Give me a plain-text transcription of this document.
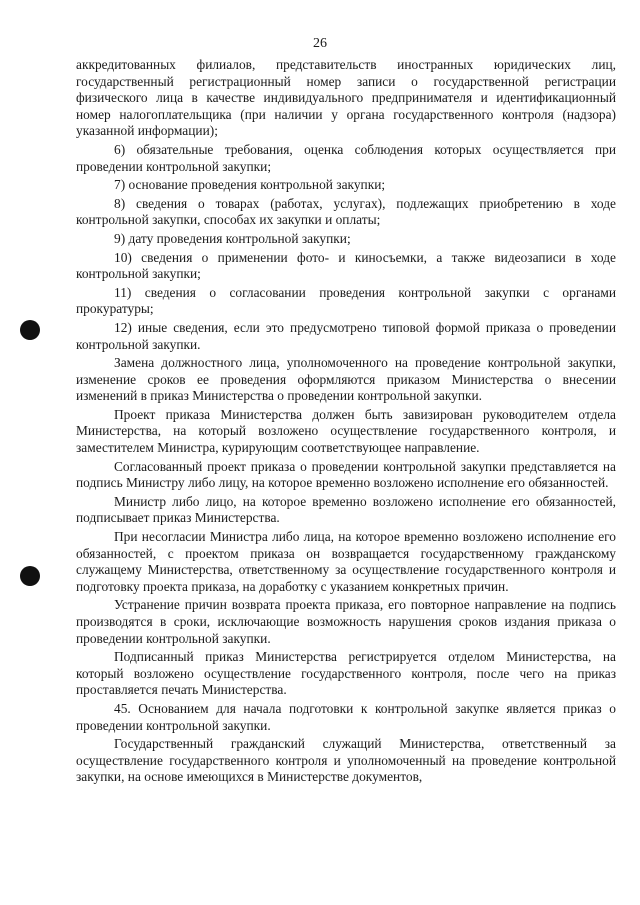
26

аккредитованных филиалов, представительств иностранных юридических лиц, государственный регистрационный номер записи о государственной регистрации физического лица в качестве индивидуального предпринимателя и идентификационный номер налогоплательщика (при наличии у органа государственного контроля (надзора) указанной информации);

6) обязательные требования, оценка соблюдения которых осуществляется при проведении контрольной закупки;

7) основание проведения контрольной закупки;

8) сведения о товарах (работах, услугах), подлежащих приобретению в ходе контрольной закупки, способах их закупки и оплаты;

9) дату проведения контрольной закупки;

10) сведения о применении фото- и киносъемки, а также видеозаписи в ходе контрольной закупки;

11) сведения о согласовании проведения контрольной закупки с органами прокуратуры;

12) иные сведения, если это предусмотрено типовой формой приказа о проведении контрольной закупки.

Замена должностного лица, уполномоченного на проведение контрольной закупки, изменение сроков ее проведения оформляются приказом Министерства о внесении изменений в приказ Министерства о проведении контрольной закупки.

Проект приказа Министерства должен быть завизирован руководителем отдела Министерства, на который возложено осуществление государственного контроля, и заместителем Министра, курирующим соответствующее направление.

Согласованный проект приказа о проведении контрольной закупки представляется на подпись Министру либо лицу, на которое временно возложено исполнение его обязанностей.

Министр либо лицо, на которое временно возложено исполнение его обязанностей, подписывает приказ Министерства.

При несогласии Министра либо лица, на которое временно возложено исполнение его обязанностей, с проектом приказа он возвращается государственному гражданскому служащему Министерства, ответственному за осуществление государственного контроля и подготовку проекта приказа, на доработку с указанием конкретных причин.

Устранение причин возврата проекта приказа, его повторное направление на подпись производятся в сроки, исключающие возможность нарушения сроков издания приказа о проведении контрольной закупки.

Подписанный приказ Министерства регистрируется отделом Министерства, на который возложено осуществление государственного контроля, после чего на приказ проставляется печать Министерства.

45. Основанием для начала подготовки к контрольной закупке является приказ о проведении контрольной закупки.

Государственный гражданский служащий Министерства, ответственный за осуществление государственного контроля и уполномоченный на проведение контрольной закупки, на основе имеющихся в Министерстве документов,
